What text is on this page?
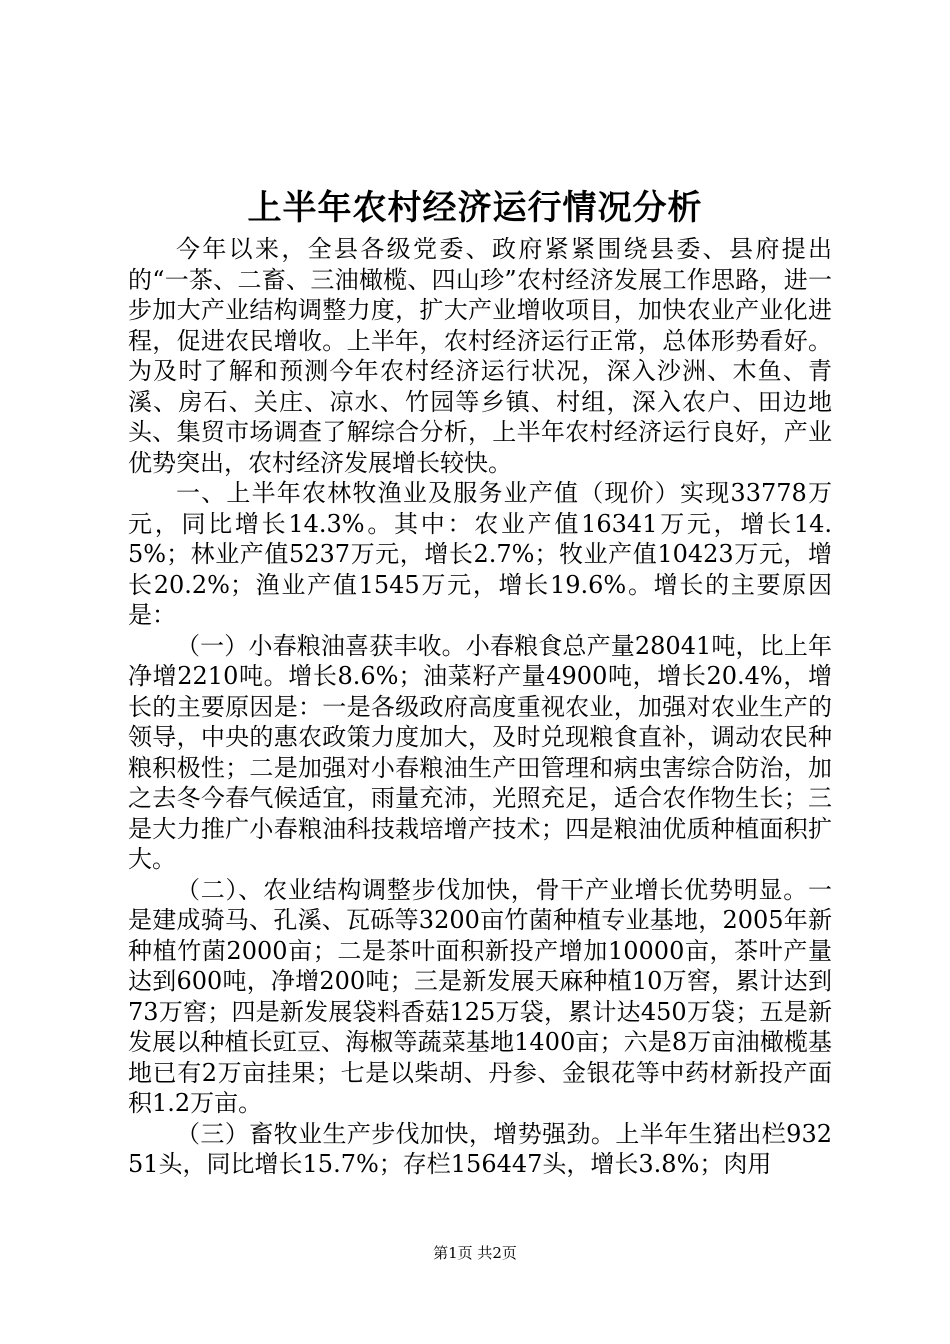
上半年农村经济运行情况分析

今年以来，全县各级党委、政府紧紧围绕县委、县府提出的“一茶、二畜、三油橄榄、四山珍”农村经济发展工作思路，进一步加大产业结构调整力度，扩大产业增收项目，加快农业产业化进程，促进农民增收。上半年，农村经济运行正常，总体形势看好。为及时了解和预测今年农村经济运行状况，深入沙洲、木鱼、青溪、房石、关庄、凉水、竹园等乡镇、村组，深入农户、田边地头、集贸市场调查了解综合分析，上半年农村经济运行良好，产业优势突出，农村经济发展增长较快。

一、上半年农林牧渔业及服务业产值（现价）实现33778万元，同比增长14.3%。其中：农业产值16341万元，增长14.5%；林业产值5237万元，增长2.7%；牧业产值10423万元，增长20.2%；渔业产值1545万元，增长19.6%。增长的主要原因是：

（一）小春粮油喜获丰收。小春粮食总产量28041吨，比上年净增2210吨。增长8.6%；油菜籽产量4900吨，增长20.4%，增长的主要原因是：一是各级政府高度重视农业，加强对农业生产的领导，中央的惠农政策力度加大，及时兑现粮食直补，调动农民种粮积极性；二是加强对小春粮油生产田管理和病虫害综合防治，加之去冬今春气候适宜，雨量充沛，光照充足，适合农作物生长；三是大力推广小春粮油科技栽培增产技术；四是粮油优质种植面积扩大。

（二）、农业结构调整步伐加快，骨干产业增长优势明显。一是建成骑马、孔溪、瓦砾等3200亩竹菌种植专业基地，2005年新种植竹菌2000亩；二是茶叶面积新投产增加10000亩，茶叶产量达到600吨，净增200吨；三是新发展天麻种植10万窖，累计达到73万窖；四是新发展袋料香菇125万袋，累计达450万袋；五是新发展以种植长豇豆、海椒等蔬菜基地1400亩；六是8万亩油橄榄基地已有2万亩挂果；七是以柴胡、丹参、金银花等中药材新投产面积1.2万亩。

（三）畜牧业生产步伐加快，增势强劲。上半年生猪出栏93251头，同比增长15.7%；存栏156447头，增长3.8%；肉用

第1页 共2页
